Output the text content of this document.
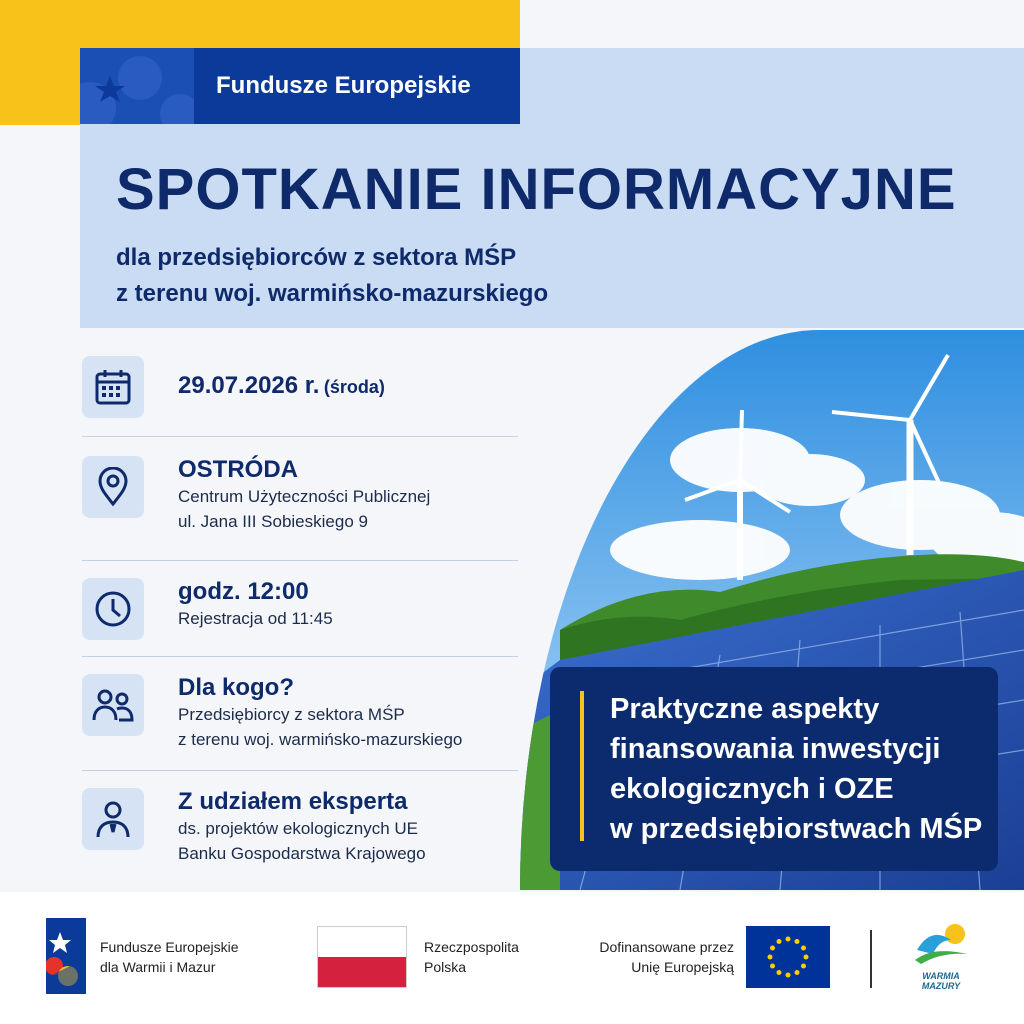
Fundusze Europejskie
SPOTKANIE INFORMACYJNE
dla przedsiębiorców z sektora MŚP
z terenu woj. warmińsko-mazurskiego
29.07.2026 r. (środa)
OSTRÓDA
Centrum Użyteczności Publicznej
ul. Jana III Sobieskiego 9
godz. 12:00
Rejestracja od 11:45
Dla kogo?
Przedsiębiorcy z sektora MŚP
z terenu woj. warmińsko-mazurskiego
Z udziałem eksperta
ds. projektów ekologicznych UE
Banku Gospodarstwa Krajowego
Praktyczne aspekty
finansowania inwestycji
ekologicznych i OZE
w przedsiębiorstwach MŚP
Fundusze Europejskie
dla Warmii i Mazur
Rzeczpospolita
Polska
Dofinansowane przez
Unię Europejską
WARMIA
MAZURY
